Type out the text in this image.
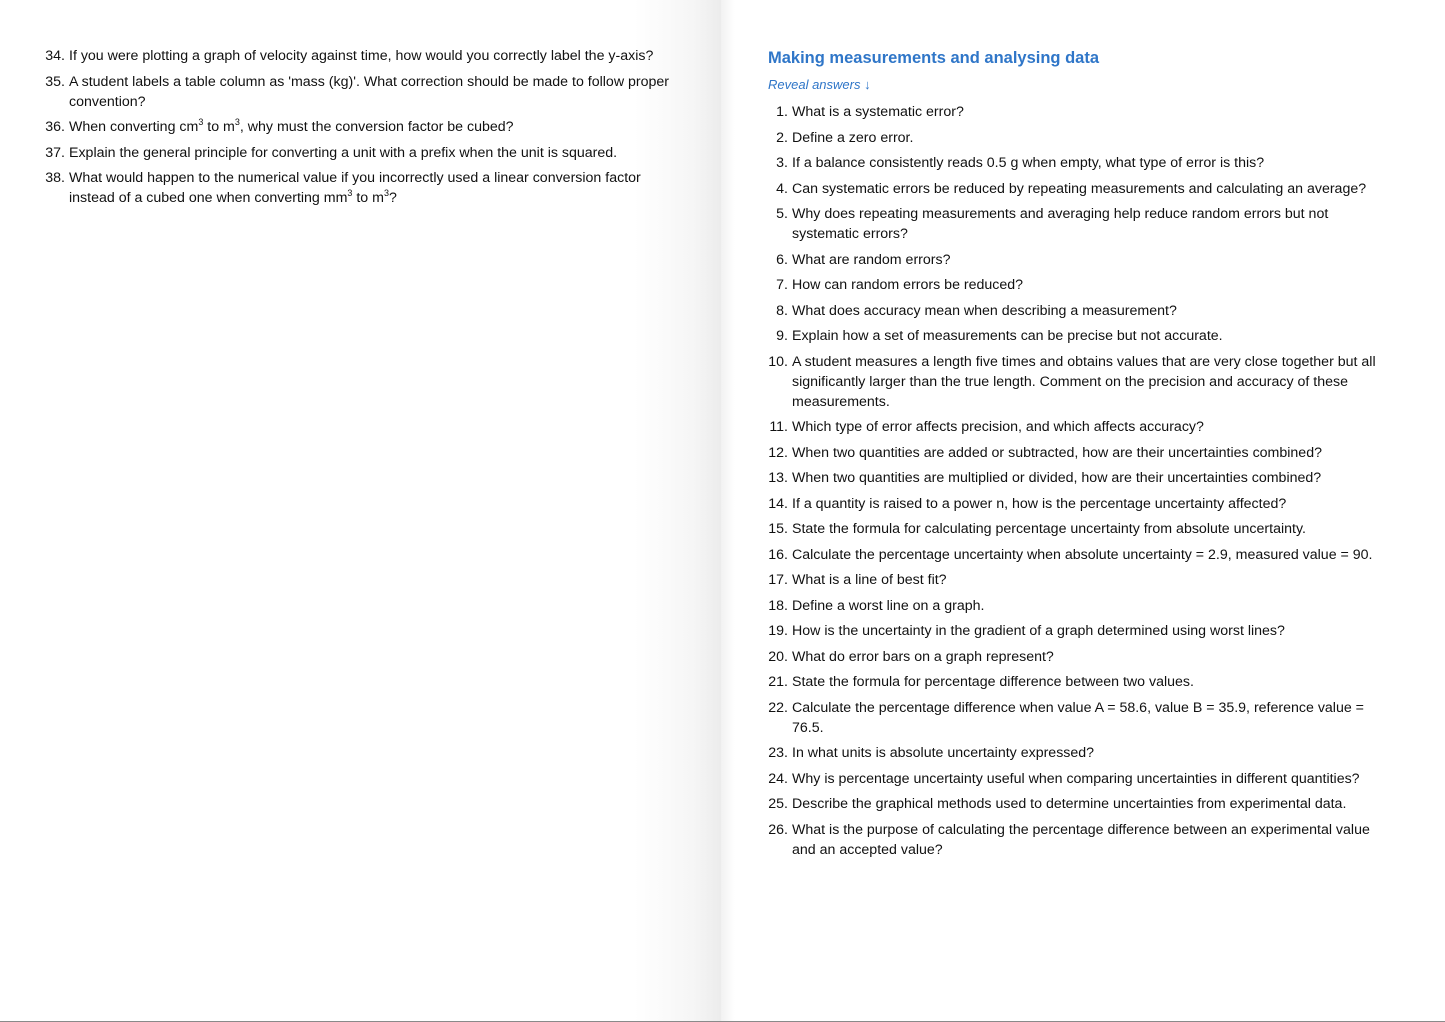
34. If you were plotting a graph of velocity against time, how would you correctly label the y-axis?
35. A student labels a table column as 'mass (kg)'. What correction should be made to follow proper convention?
36. When converting $cm^3$ to $m^3$, why must the conversion factor be cubed?
37. Explain the general principle for converting a unit with a prefix when the unit is squared.
38. What would happen to the numerical value if you incorrectly used a linear conversion factor instead of a cubed one when converting $mm^3$ to $m^3$?
Making measurements and analysing data
Reveal answers ↓
1. What is a systematic error?
2. Define a zero error.
3. If a balance consistently reads 0.5 g when empty, what type of error is this?
4. Can systematic errors be reduced by repeating measurements and calculating an average?
5. Why does repeating measurements and averaging help reduce random errors but not systematic errors?
6. What are random errors?
7. How can random errors be reduced?
8. What does accuracy mean when describing a measurement?
9. Explain how a set of measurements can be precise but not accurate.
10. A student measures a length five times and obtains values that are very close together but all significantly larger than the true length. Comment on the precision and accuracy of these measurements.
11. Which type of error affects precision, and which affects accuracy?
12. When two quantities are added or subtracted, how are their uncertainties combined?
13. When two quantities are multiplied or divided, how are their uncertainties combined?
14. If a quantity is raised to a power n, how is the percentage uncertainty affected?
15. State the formula for calculating percentage uncertainty from absolute uncertainty.
16. Calculate the percentage uncertainty when absolute uncertainty = 2.9, measured value = 90.
17. What is a line of best fit?
18. Define a worst line on a graph.
19. How is the uncertainty in the gradient of a graph determined using worst lines?
20. What do error bars on a graph represent?
21. State the formula for percentage difference between two values.
22. Calculate the percentage difference when value A = 58.6, value B = 35.9, reference value = 76.5.
23. In what units is absolute uncertainty expressed?
24. Why is percentage uncertainty useful when comparing uncertainties in different quantities?
25. Describe the graphical methods used to determine uncertainties from experimental data.
26. What is the purpose of calculating the percentage difference between an experimental value and an accepted value?
